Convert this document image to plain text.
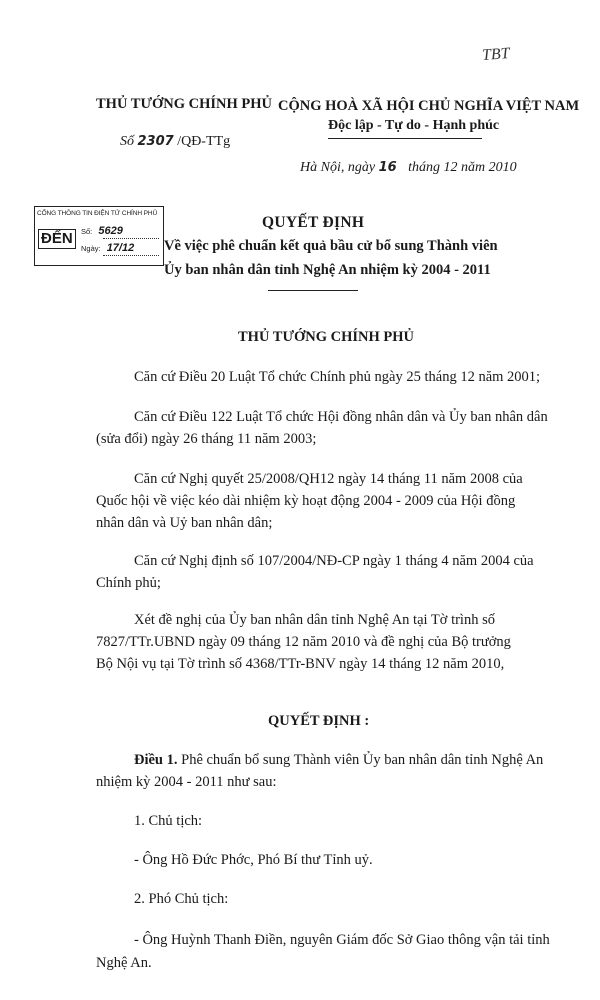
TBT
THỦ TƯỚNG CHÍNH PHỦ
Số 2307 /QĐ-TTg
CỘNG HOÀ XÃ HỘI CHỦ NGHĨA VIỆT NAM
Độc lập - Tự do - Hạnh phúc
Hà Nội, ngày 16 tháng 12 năm 2010
CỔNG THÔNG TIN ĐIỆN TỬ CHÍNH PHỦ
ĐẾN	Số: 5629
Ngày: 17/12
QUYẾT ĐỊNH
Về việc phê chuẩn kết quả bầu cử bổ sung Thành viên
Ủy ban nhân dân tỉnh Nghệ An nhiệm kỳ 2004 - 2011
THỦ TƯỚNG CHÍNH PHỦ
Căn cứ Điều 20 Luật Tổ chức Chính phủ ngày 25 tháng 12 năm 2001;
Căn cứ Điều 122 Luật Tổ chức Hội đồng nhân dân và Ủy ban nhân dân
(sửa đổi) ngày 26 tháng 11 năm 2003;
Căn cứ Nghị quyết 25/2008/QH12 ngày 14 tháng 11 năm 2008 của
Quốc hội về việc kéo dài nhiệm kỳ hoạt động 2004 - 2009 của Hội đồng
nhân dân và Uỷ ban nhân dân;
Căn cứ Nghị định số 107/2004/NĐ-CP ngày 1 tháng 4 năm 2004 của
Chính phủ;
Xét đề nghị của Ủy ban nhân dân tỉnh Nghệ An tại Tờ trình số
7827/TTr.UBND ngày 09 tháng 12 năm 2010 và đề nghị của Bộ trưởng
Bộ Nội vụ tại Tờ trình số 4368/TTr-BNV ngày 14 tháng 12 năm 2010,
QUYẾT ĐỊNH :
Điều 1. Phê chuẩn bổ sung Thành viên Ủy ban nhân dân tỉnh Nghệ An
nhiệm kỳ 2004 - 2011 như sau:
1. Chủ tịch:
- Ông Hồ Đức Phớc, Phó Bí thư Tỉnh uỷ.
2. Phó Chủ tịch:
- Ông Huỳnh Thanh Điền, nguyên Giám đốc Sở Giao thông vận tải tỉnh
Nghệ An.
